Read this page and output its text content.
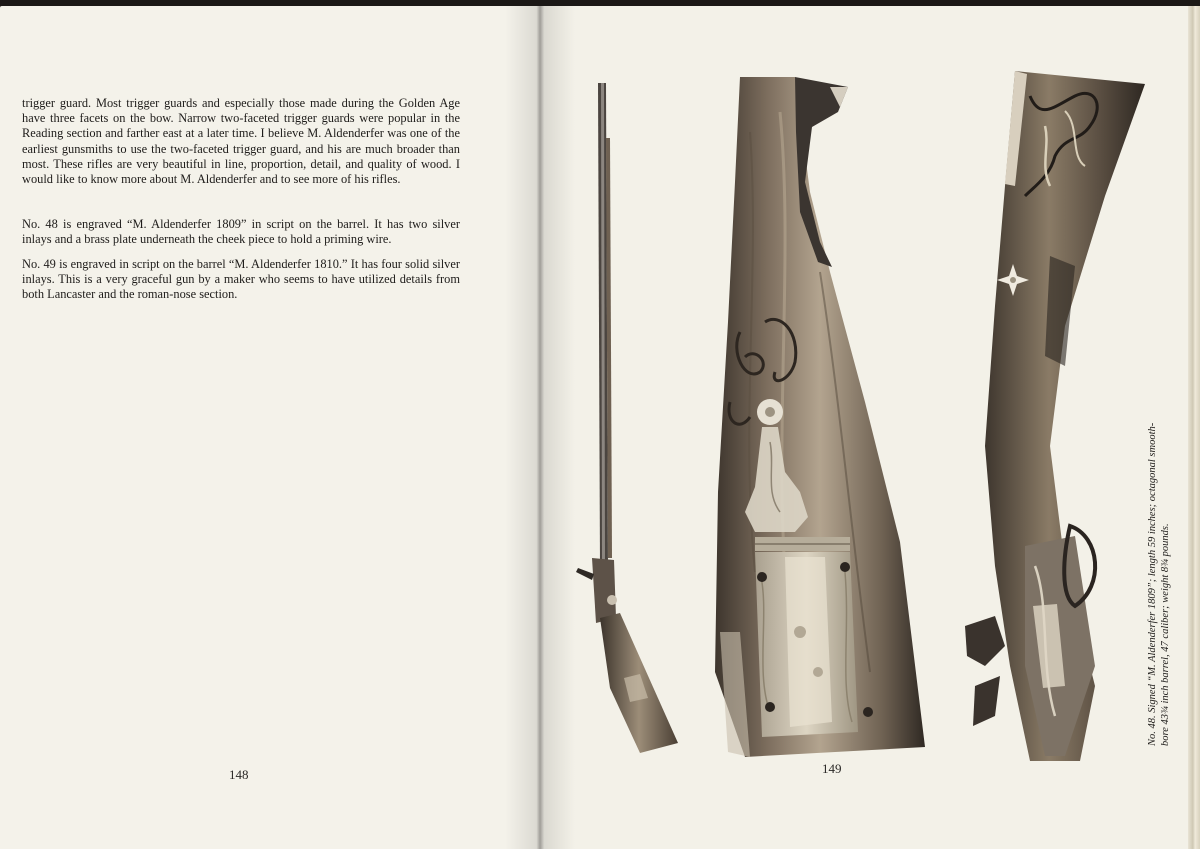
trigger guard. Most trigger guards and especially those made during the Golden Age have three facets on the bow. Narrow two-faceted trigger guards were popular in the Reading section and farther east at a later time. I believe M. Aldenderfer was one of the earliest gunsmiths to use the two-faceted trigger guard, and his are much broader than most. These rifles are very beautiful in line, proportion, detail, and quality of wood. I would like to know more about M. Aldenderfer and to see more of his rifles.

No. 48 is engraved “M. Aldenderfer 1809” in script on the barrel. It has two silver inlays and a brass plate underneath the cheek piece to hold a priming wire.

No. 49 is engraved in script on the barrel “M. Aldenderfer 1810.” It has four solid silver inlays. This is a very graceful gun by a maker who seems to have utilized details from both Lancaster and the roman-nose section.

148	149
No. 48. Signed “M. Aldenderfer 1809”; length 59 inches; octagonal smooth- bore 43¾ inch barrel, 47 caliber; weight 8¾ pounds.
